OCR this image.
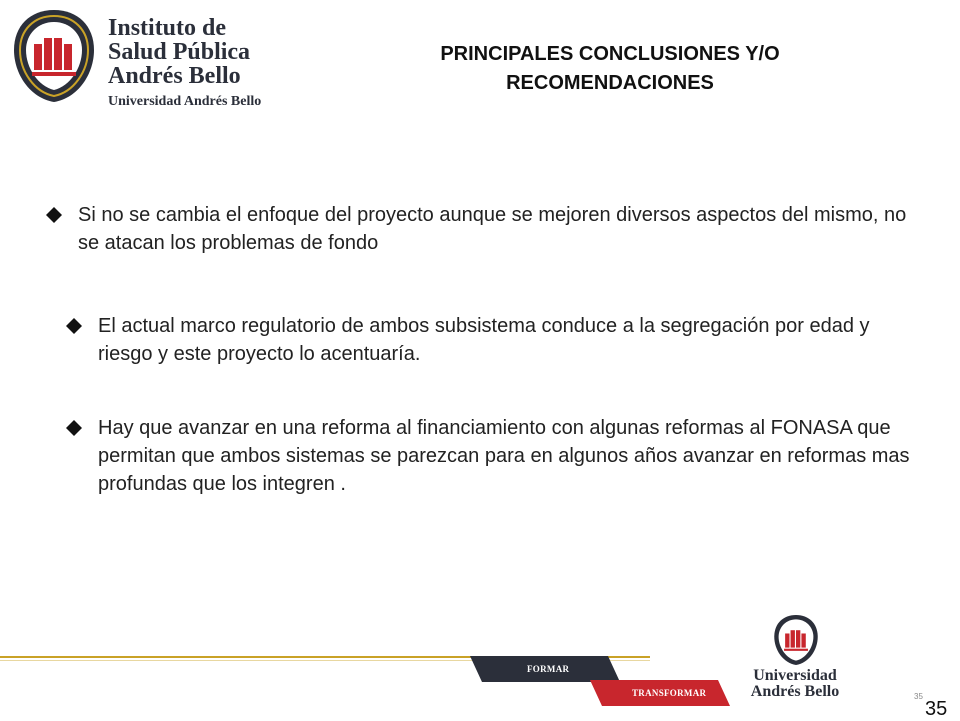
Instituto de
Salud Pública
Andrés Bello
Universidad Andrés Bello
PRINCIPALES CONCLUSIONES Y/O
RECOMENDACIONES
Si no se cambia el enfoque del proyecto aunque se mejoren diversos aspectos del mismo, no se atacan los problemas de fondo
El actual marco regulatorio de ambos subsistema conduce a la segregación por edad y riesgo y este proyecto lo acentuaría.
Hay que avanzar en una reforma al financiamiento con algunas reformas al FONASA que permitan que ambos sistemas se parezcan para en algunos años avanzar en reformas mas profundas que los integren .
FORMAR
TRANSFORMAR
Universidad
Andrés Bello	35
35
